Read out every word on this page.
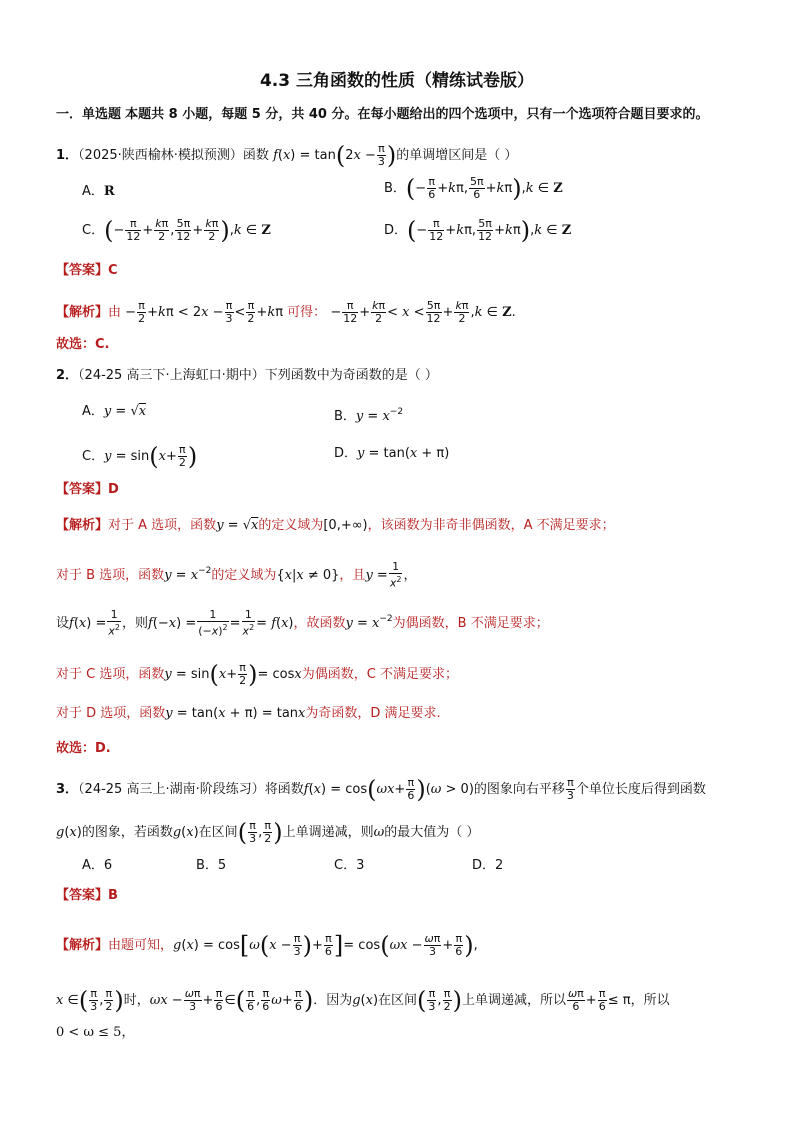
4.3 三角函数的性质（精练试卷版）
一．单选题 本题共 8 小题，每题 5 分，共 40 分。在每小题给出的四个选项中，只有一个选项符合题目要求的。
1．（2025·陕西榆林·模拟预测）函数 $f(x) = \tan(2x - \frac{\pi}{3}$ )的单调增区间是（ ）
A．R	B．(− $\frac{\pi}{6} +k\pi$, $\frac{5\pi}{6} +k\pi),k$ ∈ Z
C．(− $\frac{\pi}{12} + \frac{k\pi}{2}$ , $\frac{5\pi}{12} + \frac{k\pi}{2} ),k$ ∈ Z	D．(− $\frac{\pi}{12} +k\pi$, $\frac{5\pi}{12} +k\pi),k$ ∈ Z
【答案】C
【解析】由 − $\frac{\pi}{2} +k\pi < 2x - \frac{\pi}{3} < \frac{\pi}{2} +k\pi$ 可得： − $\frac{\pi}{12} + \frac{k\pi}{2} < x < \frac{5\pi}{12} + \frac{k\pi}{2} ,k$ ∈ Z.
故选：C.
2．（24-25 高三下·上海虹口·期中）下列函数中为奇函数的是（ ）
A．y = √x	B．$y = x^{-2}$
C．$y = \sin(x+ \frac{\pi}{2}$ )	D．y = tan(x + π)
【答案】D
【解析】对于 A 选项，函数y = √x的定义域为[0,+∞)，该函数为非奇非偶函数，A 不满足要求；
对于 B 选项，函数$y = x^{-2}$的定义域为{x|x ≠ 0}，且$y = \frac{1}{x^2}$ ，
设$f(x) = \frac{1}{x^2}$ ，则$f(-x) = \frac{1}{(-x)^2} = \frac{1}{x^2} = f(x)$，故函数$y = x^{-2}$为偶函数，B 不满足要求；
对于 C 选项，函数$y = \sin(x+ \frac{\pi}{2}$ )= cosx为偶函数，C 不满足要求；
对于 D 选项，函数y = tan(x + π) = tanx为奇函数，D 满足要求.
故选：D.
3．（24-25 高三上·湖南·阶段练习）将函数$f(x) = \cos(\omega x+ \frac{\pi}{6} )(\omega > 0)$的图象向右平移 $\frac{\pi}{3}$ 个单位长度后得到函数
g(x)的图象，若函数g(x)在区间( $\frac{\pi}{3}$ , $\frac{\pi}{2}$ )上单调递减，则ω的最大值为（ ）
A．6	B．5	C．3	D．2
【答案】B
【解析】由题可知，$g(x) = \cos[\omega(x - \frac{\pi}{3}$ )+ $\frac{\pi}{6}$ ]= $\cos(\omega x - \frac{\omega\pi}{3} + \frac{\pi}{6}$ ),
x ∈( $\frac{\pi}{3}$ , $\frac{\pi}{2}$ )时，$\omega x - \frac{\omega\pi}{3} + \frac{\pi}{6}$ ∈( $\frac{\pi}{6}$ , $\frac{\pi}{6} \omega+ \frac{\pi}{6}$ )．因为g(x)在区间( $\frac{\pi}{3}$ , $\frac{\pi}{2}$ )上单调递减，所以 $\frac{\omega\pi}{6} + \frac{\pi}{6} \le \pi$，所以
0 < ω ≤ 5，
